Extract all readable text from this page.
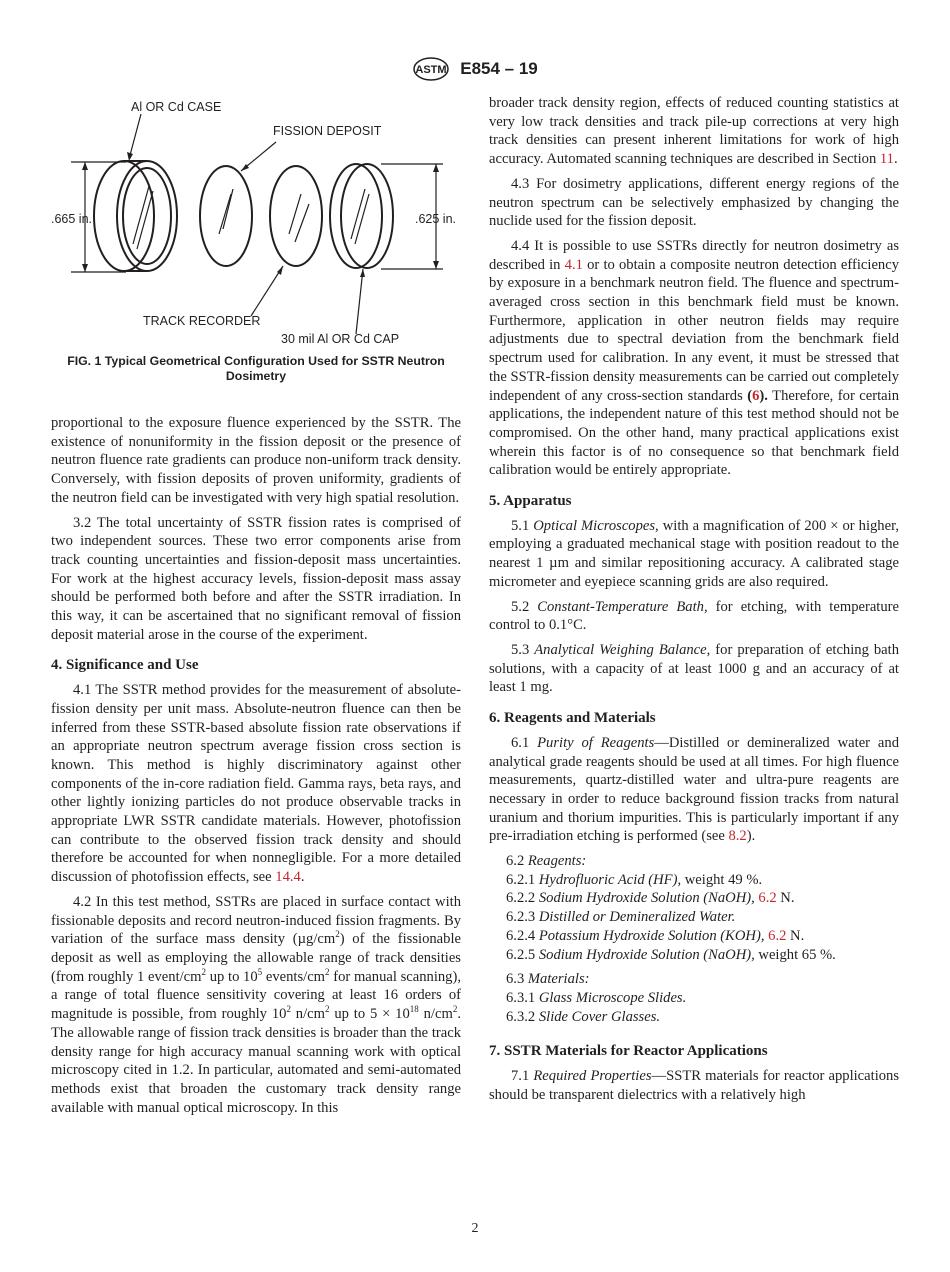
ASTM E854 – 19
Al OR Cd CASE
FISSION DEPOSIT
.665 in.	.625 in.
TRACK RECORDER
30 mil Al OR Cd CAP
FIG. 1 Typical Geometrical Configuration Used for SSTR Neutron Dosimetry

proportional to the exposure fluence experienced by the SSTR. The existence of nonuniformity in the fission deposit or the presence of neutron fluence rate gradients can produce non-uniform track density. Conversely, with fission deposits of proven uniformity, gradients of the neutron field can be investigated with very high spatial resolution.

3.2 The total uncertainty of SSTR fission rates is comprised of two independent sources. These two error components arise from track counting uncertainties and fission-deposit mass uncertainties. For work at the highest accuracy levels, fission-deposit mass assay should be performed both before and after the SSTR irradiation. In this way, it can be ascertained that no significant removal of fission deposit material arose in the course of the experiment.

4. Significance and Use

4.1 The SSTR method provides for the measurement of absolute-fission density per unit mass. Absolute-neutron fluence can then be inferred from these SSTR-based absolute fission rate observations if an appropriate neutron spectrum average fission cross section is known. This method is highly discriminatory against other components of the in-core radiation field. Gamma rays, beta rays, and other lightly ionizing particles do not produce observable tracks in appropriate LWR SSTR candidate materials. However, photofission can contribute to the observed fission track density and should therefore be accounted for when nonnegligible. For a more detailed discussion of photofission effects, see 14.4.

4.2 In this test method, SSTRs are placed in surface contact with fissionable deposits and record neutron-induced fission fragments. By variation of the surface mass density $(\mu g/cm^2)$ of the fissionable deposit as well as employing the allowable range of track densities (from roughly 1 event/$cm^2$ up to $10^5$ events/$cm^2$ for manual scanning), a range of total fluence sensitivity covering at least 16 orders of magnitude is possible, from roughly $10^2$ $n/cm^2$ up to $5 \times 10^{18}$ $n/cm^2$. The allowable range of fission track densities is broader than the track density range for high accuracy manual scanning work with optical microscopy cited in 1.2. In particular, automated and semi-automated methods exist that broaden the customary track density range available with manual optical microscopy. In this

broader track density region, effects of reduced counting statistics at very low track densities and track pile-up corrections at very high track densities can present inherent limitations for work of high accuracy. Automated scanning techniques are described in Section 11.

4.3 For dosimetry applications, different energy regions of the neutron spectrum can be selectively emphasized by changing the nuclide used for the fission deposit.

4.4 It is possible to use SSTRs directly for neutron dosimetry as described in 4.1 or to obtain a composite neutron detection efficiency by exposure in a benchmark neutron field. The fluence and spectrum-averaged cross section in this benchmark field must be known. Furthermore, application in other neutron fields may require adjustments due to spectral deviation from the benchmark field spectrum used for calibration. In any event, it must be stressed that the SSTR-fission density measurements can be carried out completely independent of any cross-section standards (6). Therefore, for certain applications, the independent nature of this test method should not be compromised. On the other hand, many practical applications exist wherein this factor is of no consequence so that benchmark field calibration would be entirely appropriate.

5. Apparatus

5.1 Optical Microscopes, with a magnification of 200 × or higher, employing a graduated mechanical stage with position readout to the nearest 1 µm and similar repositioning accuracy. A calibrated stage micrometer and eyepiece scanning grids are also required.

5.2 Constant-Temperature Bath, for etching, with temperature control to 0.1°C.

5.3 Analytical Weighing Balance, for preparation of etching bath solutions, with a capacity of at least 1000 g and an accuracy of at least 1 mg.

6. Reagents and Materials

6.1 Purity of Reagents—Distilled or demineralized water and analytical grade reagents should be used at all times. For high fluence measurements, quartz-distilled water and ultra-pure reagents are necessary in order to reduce background fission tracks from natural uranium and thorium impurities. This is particularly important if any pre-irradiation etching is performed (see 8.2).

6.2 Reagents:
6.2.1 Hydrofluoric Acid (HF), weight 49 %.
6.2.2 Sodium Hydroxide Solution (NaOH), 6.2 N.
6.2.3 Distilled or Demineralized Water.
6.2.4 Potassium Hydroxide Solution (KOH), 6.2 N.
6.2.5 Sodium Hydroxide Solution (NaOH), weight 65 %.
6.3 Materials:
6.3.1 Glass Microscope Slides.
6.3.2 Slide Cover Glasses.
7. SSTR Materials for Reactor Applications

7.1 Required Properties—SSTR materials for reactor applications should be transparent dielectrics with a relatively high

2
